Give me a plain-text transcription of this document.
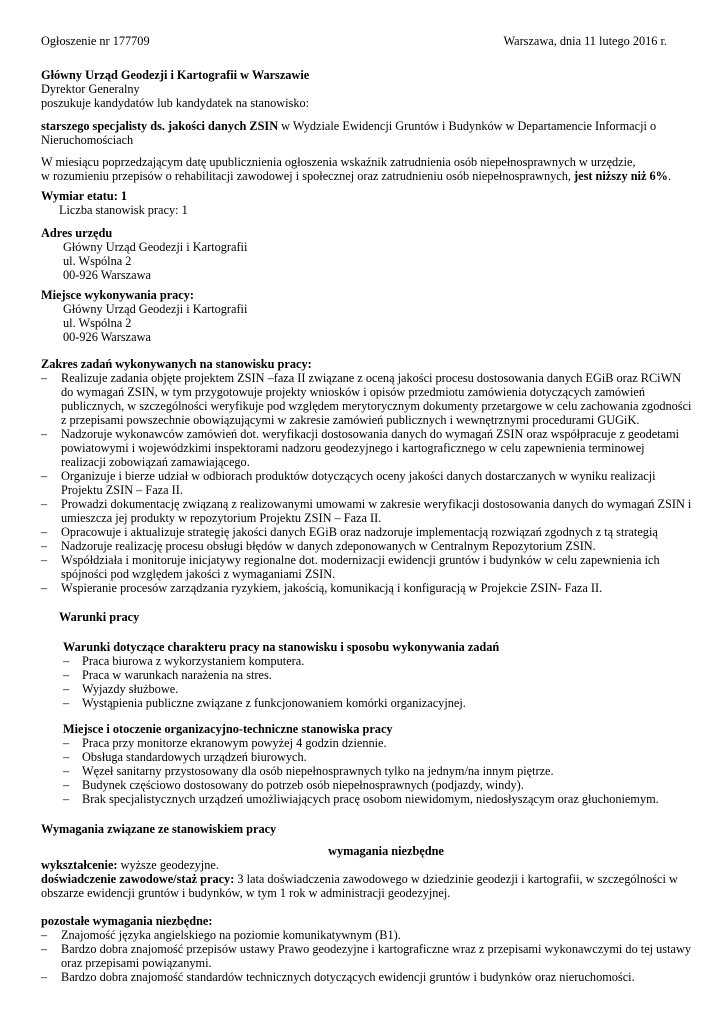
Ogłoszenie nr 177709	Warszawa, dnia 11 lutego 2016 r.
Główny Urząd Geodezji i Kartografii w Warszawie
Dyrektor Generalny
poszukuje kandydatów lub kandydatek na stanowisko:
starszego specjalisty ds. jakości danych ZSIN w Wydziale Ewidencji Gruntów i Budynków w Departamencie Informacji o
Nieruchomościach
W miesiącu poprzedzającym datę upublicznienia ogłoszenia wskaźnik zatrudnienia osób niepełnosprawnych w urzędzie,
w rozumieniu przepisów o rehabilitacji zawodowej i społecznej oraz zatrudnieniu osób niepełnosprawnych, jest niższy niż 6%.
Wymiar etatu: 1
Liczba stanowisk pracy: 1
Adres urzędu
Główny Urząd Geodezji i Kartografii
ul. Wspólna 2
00-926 Warszawa
Miejsce wykonywania pracy:
Główny Urząd Geodezji i Kartografii
ul. Wspólna 2
00-926 Warszawa
Zakres zadań wykonywanych na stanowisku pracy:
– Realizuje zadania objęte projektem ZSIN –faza II związane z oceną jakości procesu dostosowania danych EGiB oraz RCiWN
do wymagań ZSIN, w tym przygotowuje projekty wniosków i opisów przedmiotu zamówienia dotyczących zamówień
publicznych, w szczególności weryfikuje pod względem merytorycznym dokumenty przetargowe w celu zachowania zgodności
z przepisami powszechnie obowiązującymi w zakresie zamówień publicznych i wewnętrznymi procedurami GUGiK.
– Nadzoruje wykonawców zamówień dot. weryfikacji dostosowania danych do wymagań ZSIN oraz współpracuje z geodetami
powiatowymi i wojewódzkimi inspektorami nadzoru geodezyjnego i kartograficznego w celu zapewnienia terminowej
realizacji zobowiązań zamawiającego.
– Organizuje i bierze udział w odbiorach produktów dotyczących oceny jakości danych dostarczanych w wyniku realizacji
Projektu ZSIN – Faza II.
– Prowadzi dokumentację związaną z realizowanymi umowami w zakresie weryfikacji dostosowania danych do wymagań ZSIN i
umieszcza jej produkty w repozytorium Projektu ZSIN – Faza II.
– Opracowuje i aktualizuje strategię jakości danych EGiB oraz nadzoruje implementacją rozwiązań zgodnych z tą strategią
– Nadzoruje realizację procesu obsługi błędów w danych zdeponowanych w Centralnym Repozytorium ZSIN.
– Współdziała i monitoruje inicjatywy regionalne dot. modernizacji ewidencji gruntów i budynków w celu zapewnienia ich
spójności pod względem jakości z wymaganiami ZSIN.
– Wspieranie procesów zarządzania ryzykiem, jakością, komunikacją i konfiguracją w Projekcie ZSIN- Faza II.
Warunki pracy
Warunki dotyczące charakteru pracy na stanowisku i sposobu wykonywania zadań
– Praca biurowa z wykorzystaniem komputera.
– Praca w warunkach narażenia na stres.
– Wyjazdy służbowe.
– Wystąpienia publiczne związane z funkcjonowaniem komórki organizacyjnej.
Miejsce i otoczenie organizacyjno-techniczne stanowiska pracy
– Praca przy monitorze ekranowym powyżej 4 godzin dziennie.
– Obsługa standardowych urządzeń biurowych.
– Węzeł sanitarny przystosowany dla osób niepełnosprawnych tylko na jednym/na innym piętrze.
– Budynek częściowo dostosowany do potrzeb osób niepełnosprawnych (podjazdy, windy).
– Brak specjalistycznych urządzeń umożliwiających pracę osobom niewidomym, niedosłyszącym oraz głuchoniemym.
Wymagania związane ze stanowiskiem pracy
wymagania niezbędne
wykształcenie: wyższe geodezyjne.
doświadczenie zawodowe/staż pracy: 3 lata doświadczenia zawodowego w dziedzinie geodezji i kartografii, w szczególności w
obszarze ewidencji gruntów i budynków, w tym 1 rok w administracji geodezyjnej.
pozostałe wymagania niezbędne:
– Znajomość języka angielskiego na poziomie komunikatywnym (B1).
– Bardzo dobra znajomość przepisów ustawy Prawo geodezyjne i kartograficzne wraz z przepisami wykonawczymi do tej ustawy
oraz przepisami powiązanymi.
– Bardzo dobra znajomość standardów technicznych dotyczących ewidencji gruntów i budynków oraz nieruchomości.
